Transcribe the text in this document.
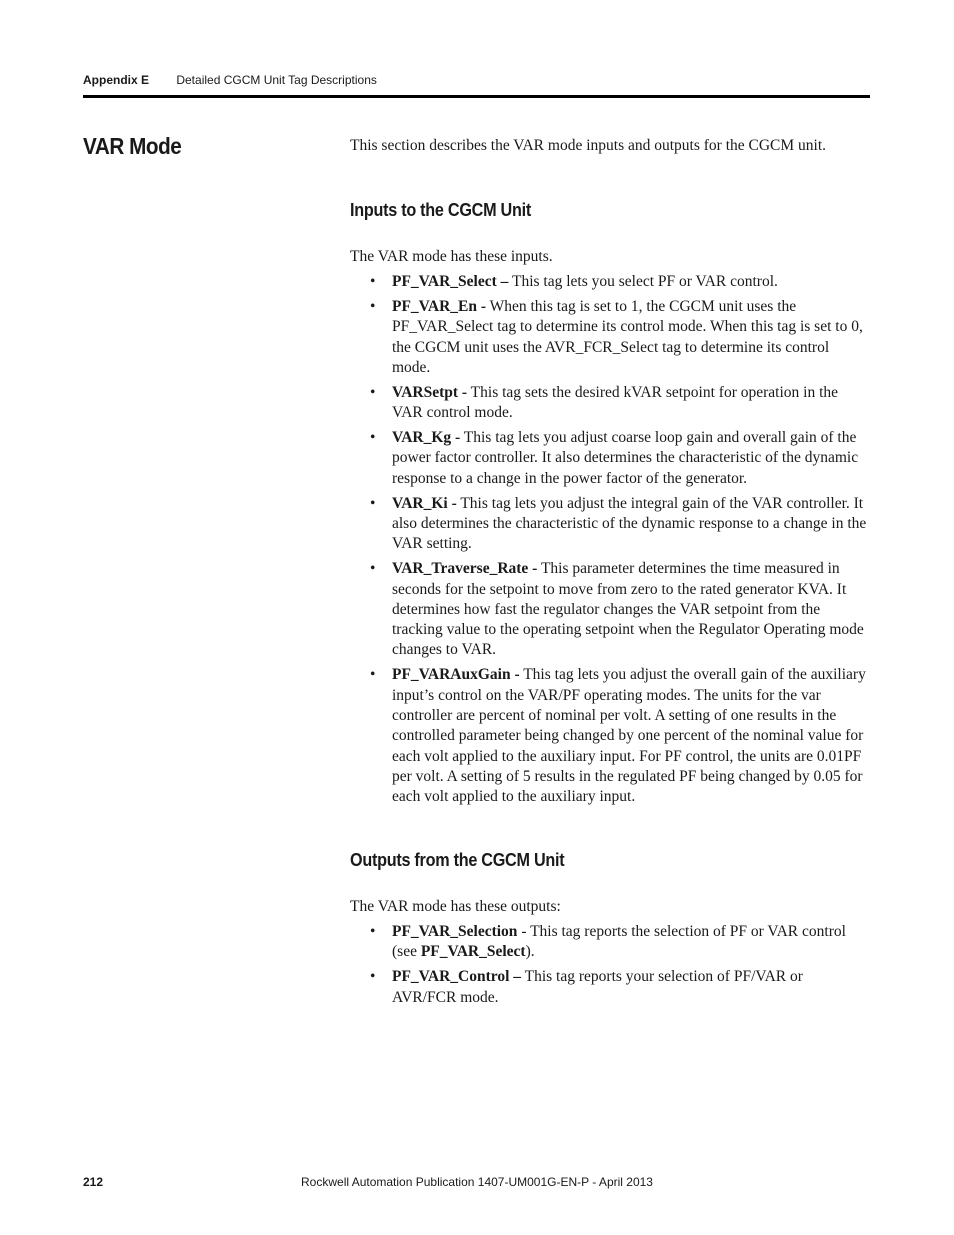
Appendix E Detailed CGCM Unit Tag Descriptions
VAR Mode	This section describes the VAR mode inputs and outputs for the CGCM unit.
Inputs to the CGCM Unit
The VAR mode has these inputs.
• PF_VAR_Select – This tag lets you select PF or VAR control.
• PF_VAR_En - When this tag is set to 1, the CGCM unit uses the PF_VAR_Select tag to determine its control mode. When this tag is set to 0, the CGCM unit uses the AVR_FCR_Select tag to determine its control mode.
• VARSetpt - This tag sets the desired kVAR setpoint for operation in the VAR control mode.
• VAR_Kg - This tag lets you adjust coarse loop gain and overall gain of the power factor controller. It also determines the characteristic of the dynamic response to a change in the power factor of the generator.
• VAR_Ki - This tag lets you adjust the integral gain of the VAR controller. It also determines the characteristic of the dynamic response to a change in the VAR setting.
• VAR_Traverse_Rate - This parameter determines the time measured in seconds for the setpoint to move from zero to the rated generator KVA. It determines how fast the regulator changes the VAR setpoint from the tracking value to the operating setpoint when the Regulator Operating mode changes to VAR.
• PF_VARAuxGain - This tag lets you adjust the overall gain of the auxiliary input’s control on the VAR/PF operating modes. The units for the var controller are percent of nominal per volt. A setting of one results in the controlled parameter being changed by one percent of the nominal value for each volt applied to the auxiliary input. For PF control, the units are 0.01PF per volt. A setting of 5 results in the regulated PF being changed by 0.05 for each volt applied to the auxiliary input.
Outputs from the CGCM Unit
The VAR mode has these outputs:
• PF_VAR_Selection - This tag reports the selection of PF or VAR control (see PF_VAR_Select).
• PF_VAR_Control – This tag reports your selection of PF/VAR or AVR/FCR mode.
212	Rockwell Automation Publication 1407-UM001G-EN-P - April 2013
